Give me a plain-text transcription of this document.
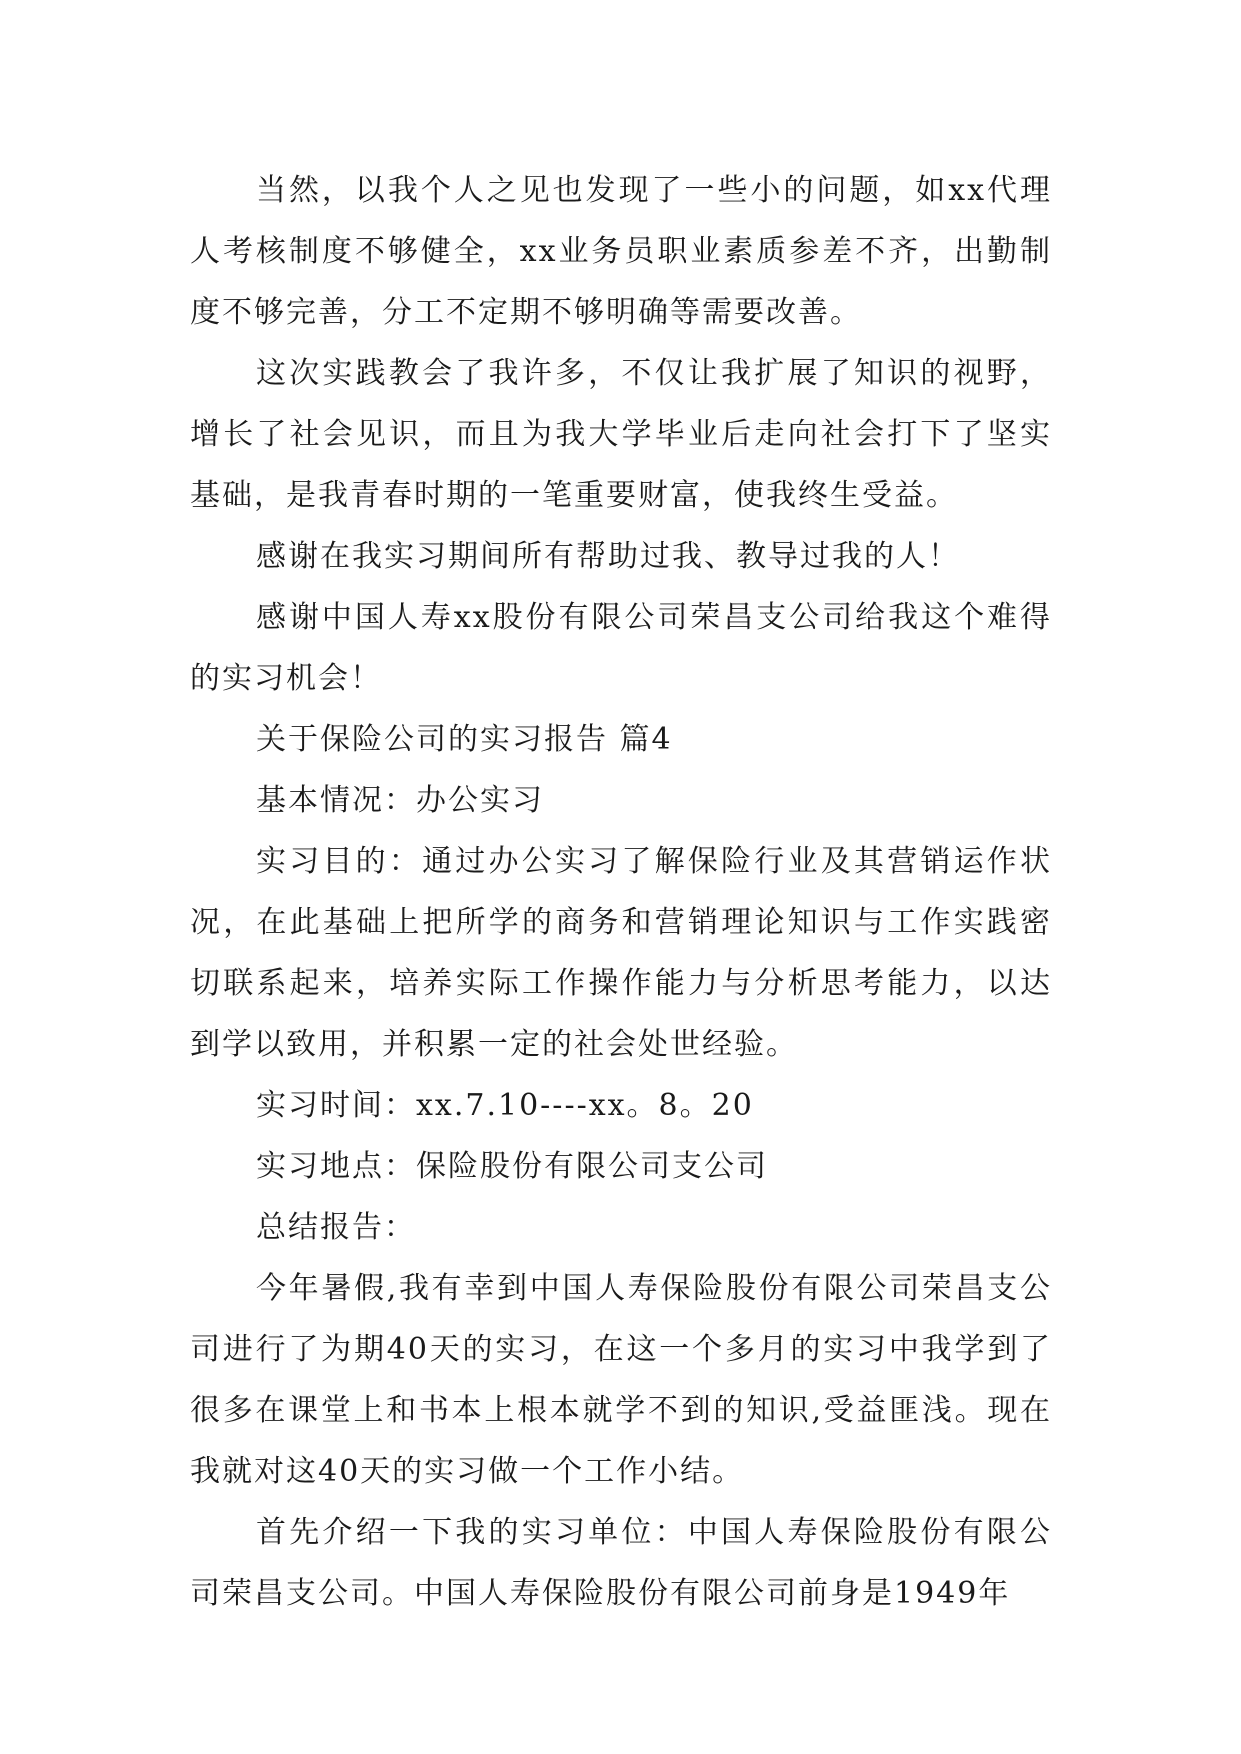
当然，以我个人之见也发现了一些小的问题，如xx代理人考核制度不够健全，xx业务员职业素质参差不齐，出勤制度不够完善，分工不定期不够明确等需要改善。

这次实践教会了我许多，不仅让我扩展了知识的视野，增长了社会见识，而且为我大学毕业后走向社会打下了坚实基础，是我青春时期的一笔重要财富，使我终生受益。

感谢在我实习期间所有帮助过我、教导过我的人！

感谢中国人寿xx股份有限公司荣昌支公司给我这个难得的实习机会！

关于保险公司的实习报告 篇4

基本情况：办公实习

实习目的：通过办公实习了解保险行业及其营销运作状况，在此基础上把所学的商务和营销理论知识与工作实践密切联系起来，培养实际工作操作能力与分析思考能力，以达到学以致用，并积累一定的社会处世经验。

实习时间：xx.7.10----xx。8。20

实习地点：保险股份有限公司支公司

总结报告：

今年暑假,我有幸到中国人寿保险股份有限公司荣昌支公司进行了为期40天的实习，在这一个多月的实习中我学到了很多在课堂上和书本上根本就学不到的知识,受益匪浅。现在我就对这40天的实习做一个工作小结。

首先介绍一下我的实习单位：中国人寿保险股份有限公司荣昌支公司。中国人寿保险股份有限公司前身是1949年
